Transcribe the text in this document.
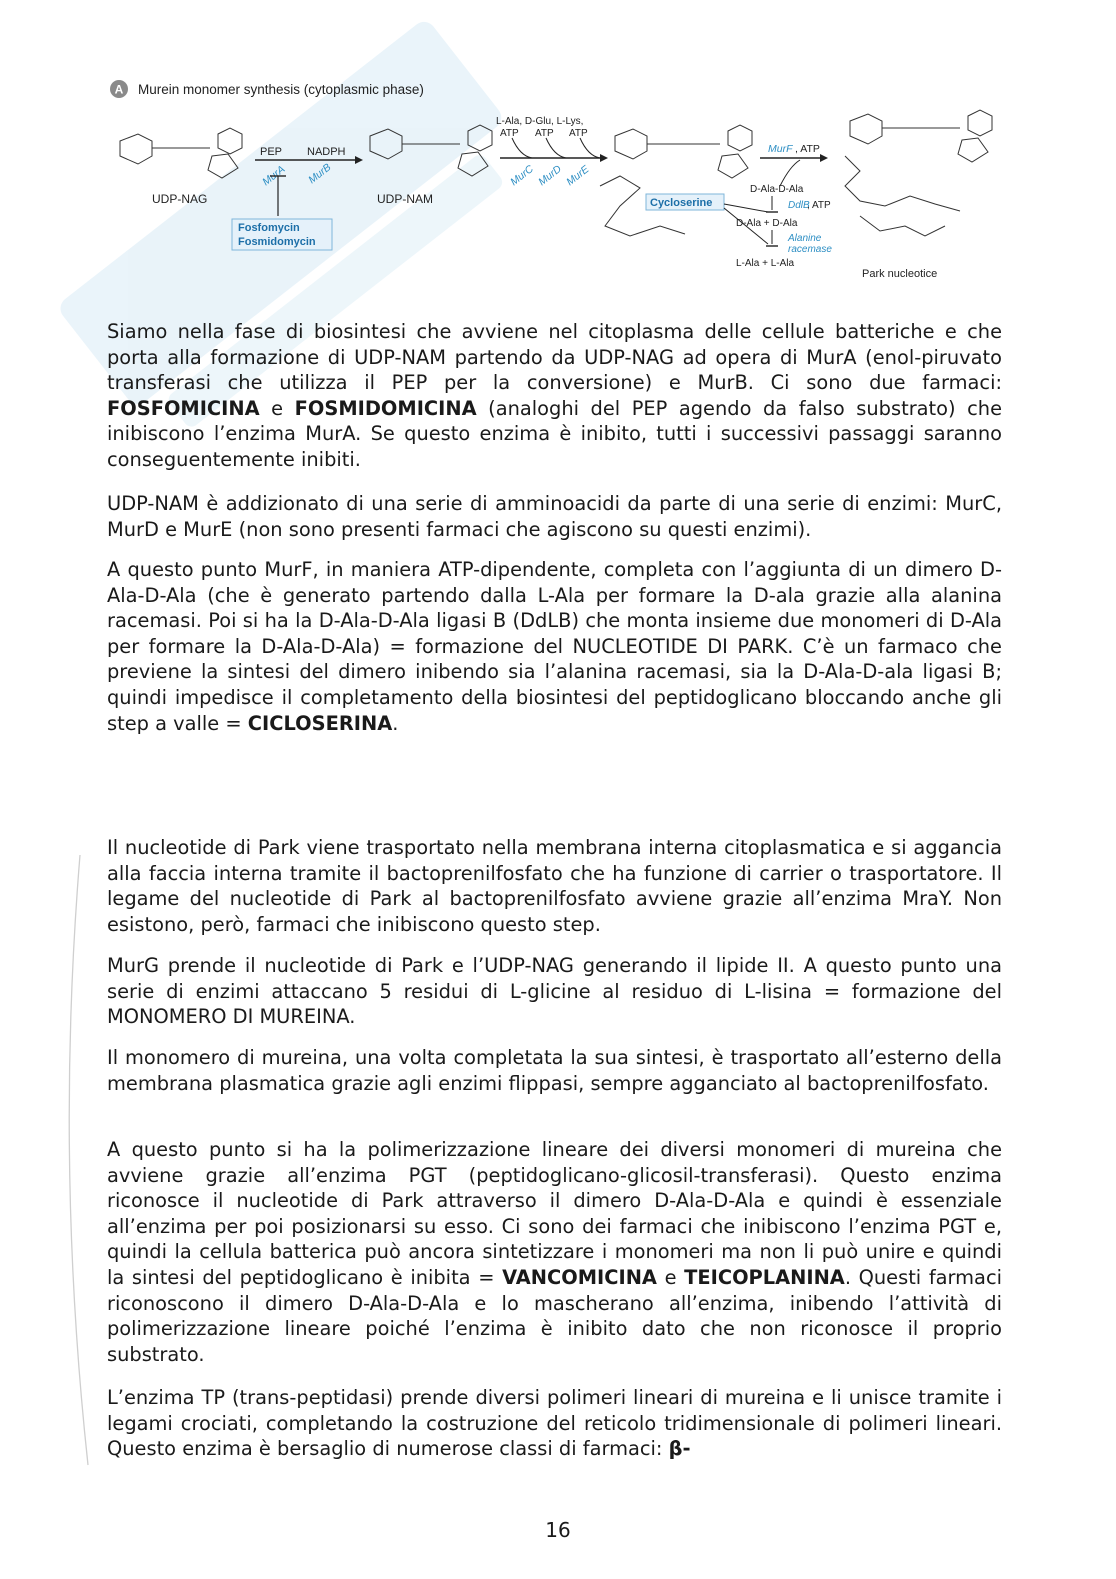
A Murein monomer synthesis (cytoplasmic phase)
UDP-NAG
PEP NADPH
MurA MurB
Fosfomycin
Fosmidomycin
UDP-NAM
L-Ala, D-Glu, L-Lys,
ATP ATP ATP
MurC MurD MurE
Cycloserine
MurF , ATP
D-Ala-D-Ala
DdlB
, ATP
D-Ala + D-Ala
Alanine
racemase
L-Ala + L-Ala
Park nucleotice

Siamo nella fase di biosintesi che avviene nel citoplasma delle cellule batteriche e che porta alla formazione di UDP-NAM partendo da UDP-NAG ad opera di MurA (enol-piruvato transferasi che utilizza il PEP per la conversione) e MurB. Ci sono due farmaci: FOSFOMICINA e FOSMIDOMICINA (analoghi del PEP agendo da falso substrato) che inibiscono l’enzima MurA. Se questo enzima è inibito, tutti i successivi passaggi saranno conseguentemente inibiti.

UDP-NAM è addizionato di una serie di amminoacidi da parte di una serie di enzimi: MurC, MurD e MurE (non sono presenti farmaci che agiscono su questi enzimi).

A questo punto MurF, in maniera ATP-dipendente, completa con l’aggiunta di un dimero D-Ala-D-Ala (che è generato partendo dalla L-Ala per formare la D-ala grazie alla alanina racemasi. Poi si ha la D-Ala-D-Ala ligasi B (DdLB) che monta insieme due monomeri di D-Ala per formare la D-Ala-D-Ala) = formazione del NUCLEOTIDE DI PARK. C’è un farmaco che previene la sintesi del dimero inibendo sia l’alanina racemasi, sia la D-Ala-D-ala ligasi B; quindi impedisce il completamento della biosintesi del peptidoglicano bloccando anche gli step a valle = CICLOSERINA.

Il nucleotide di Park viene trasportato nella membrana interna citoplasmatica e si aggancia alla faccia interna tramite il bactoprenilfosfato che ha funzione di carrier o trasportatore. Il legame del nucleotide di Park al bactoprenilfosfato avviene grazie all’enzima MraY. Non esistono, però, farmaci che inibiscono questo step.

MurG prende il nucleotide di Park e l’UDP-NAG generando il lipide II. A questo punto una serie di enzimi attaccano 5 residui di L-glicine al residuo di L-lisina = formazione del MONOMERO DI MUREINA.

Il monomero di mureina, una volta completata la sua sintesi, è trasportato all’esterno della membrana plasmatica grazie agli enzimi flippasi, sempre agganciato al bactoprenilfosfato.

A questo punto si ha la polimerizzazione lineare dei diversi monomeri di mureina che avviene grazie all’enzima PGT (peptidoglicano-glicosil-transferasi). Questo enzima riconosce il nucleotide di Park attraverso il dimero D-Ala-D-Ala e quindi è essenziale all’enzima per poi posizionarsi su esso. Ci sono dei farmaci che inibiscono l’enzima PGT e, quindi la cellula batterica può ancora sintetizzare i monomeri ma non li può unire e quindi la sintesi del peptidoglicano è inibita = VANCOMICINA e TEICOPLANINA. Questi farmaci riconoscono il dimero D-Ala-D-Ala e lo mascherano all’enzima, inibendo l’attività di polimerizzazione lineare poiché l’enzima è inibito dato che non riconosce il proprio substrato.

L’enzima TP (trans-peptidasi) prende diversi polimeri lineari di mureina e li unisce tramite i legami crociati, completando la costruzione del reticolo tridimensionale di polimeri lineari. Questo enzima è bersaglio di numerose classi di farmaci: β-

16
